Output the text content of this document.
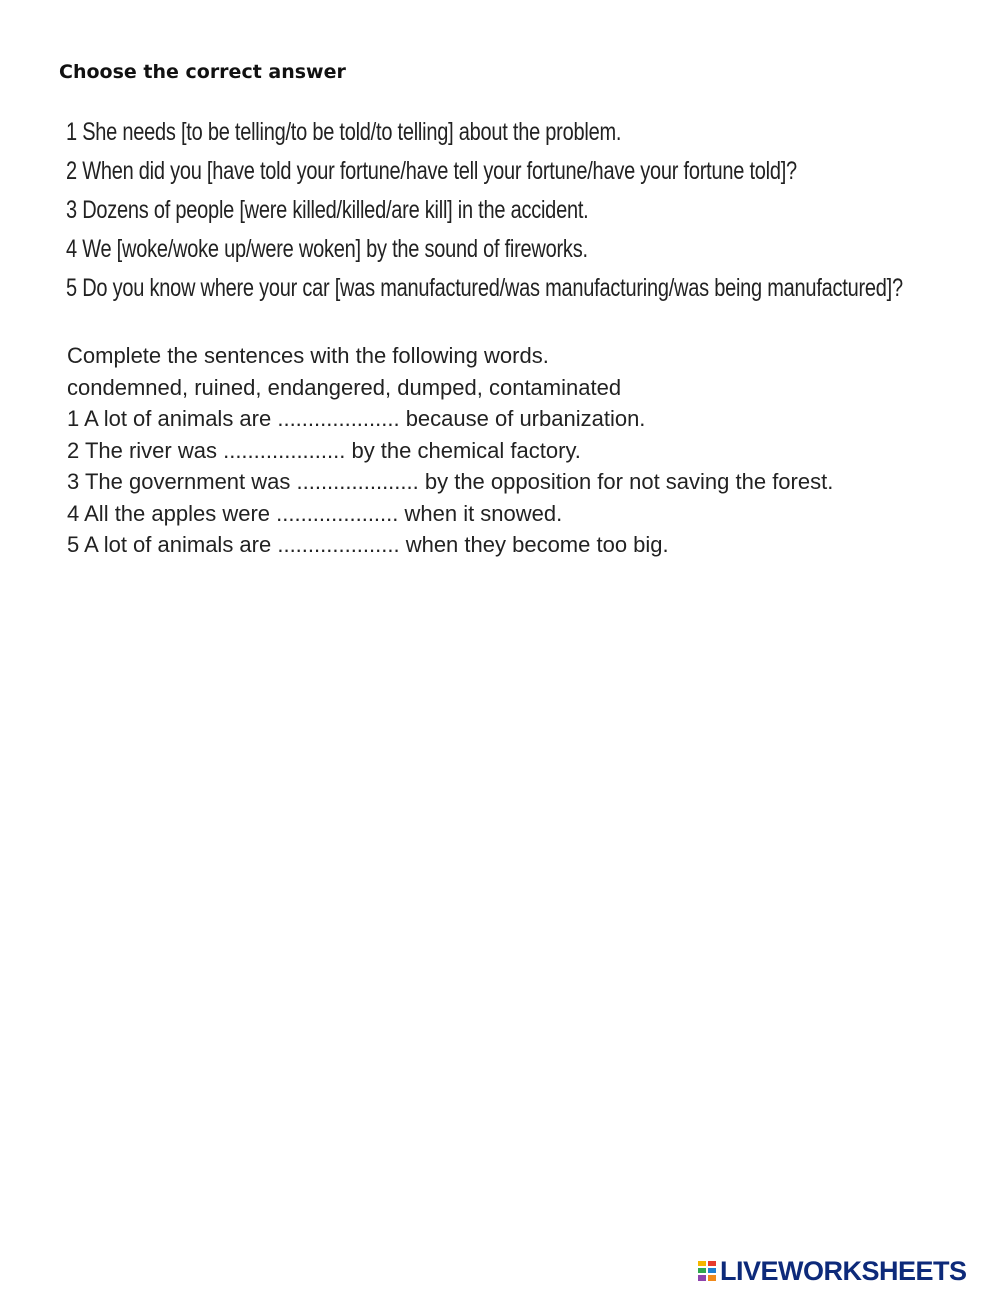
Choose the correct answer
1 She needs [to be telling/to be told/to telling] about the problem.
2 When did you [have told your fortune/have tell your fortune/have your fortune told]?
3 Dozens of people [were killed/killed/are kill] in the accident.
4 We [woke/woke up/were woken] by the sound of fireworks.
5 Do you know where your car [was manufactured/was manufacturing/was being manufactured]?
Complete the sentences with the following words.
condemned, ruined, endangered, dumped, contaminated
1 A lot of animals are .................... because of urbanization.
2 The river was .................... by the chemical factory.
3 The government was .................... by the opposition for not saving the forest.
4 All the apples were .................... when it snowed.
5 A lot of animals are .................... when they become too big.
LIVEWORKSHEETS
